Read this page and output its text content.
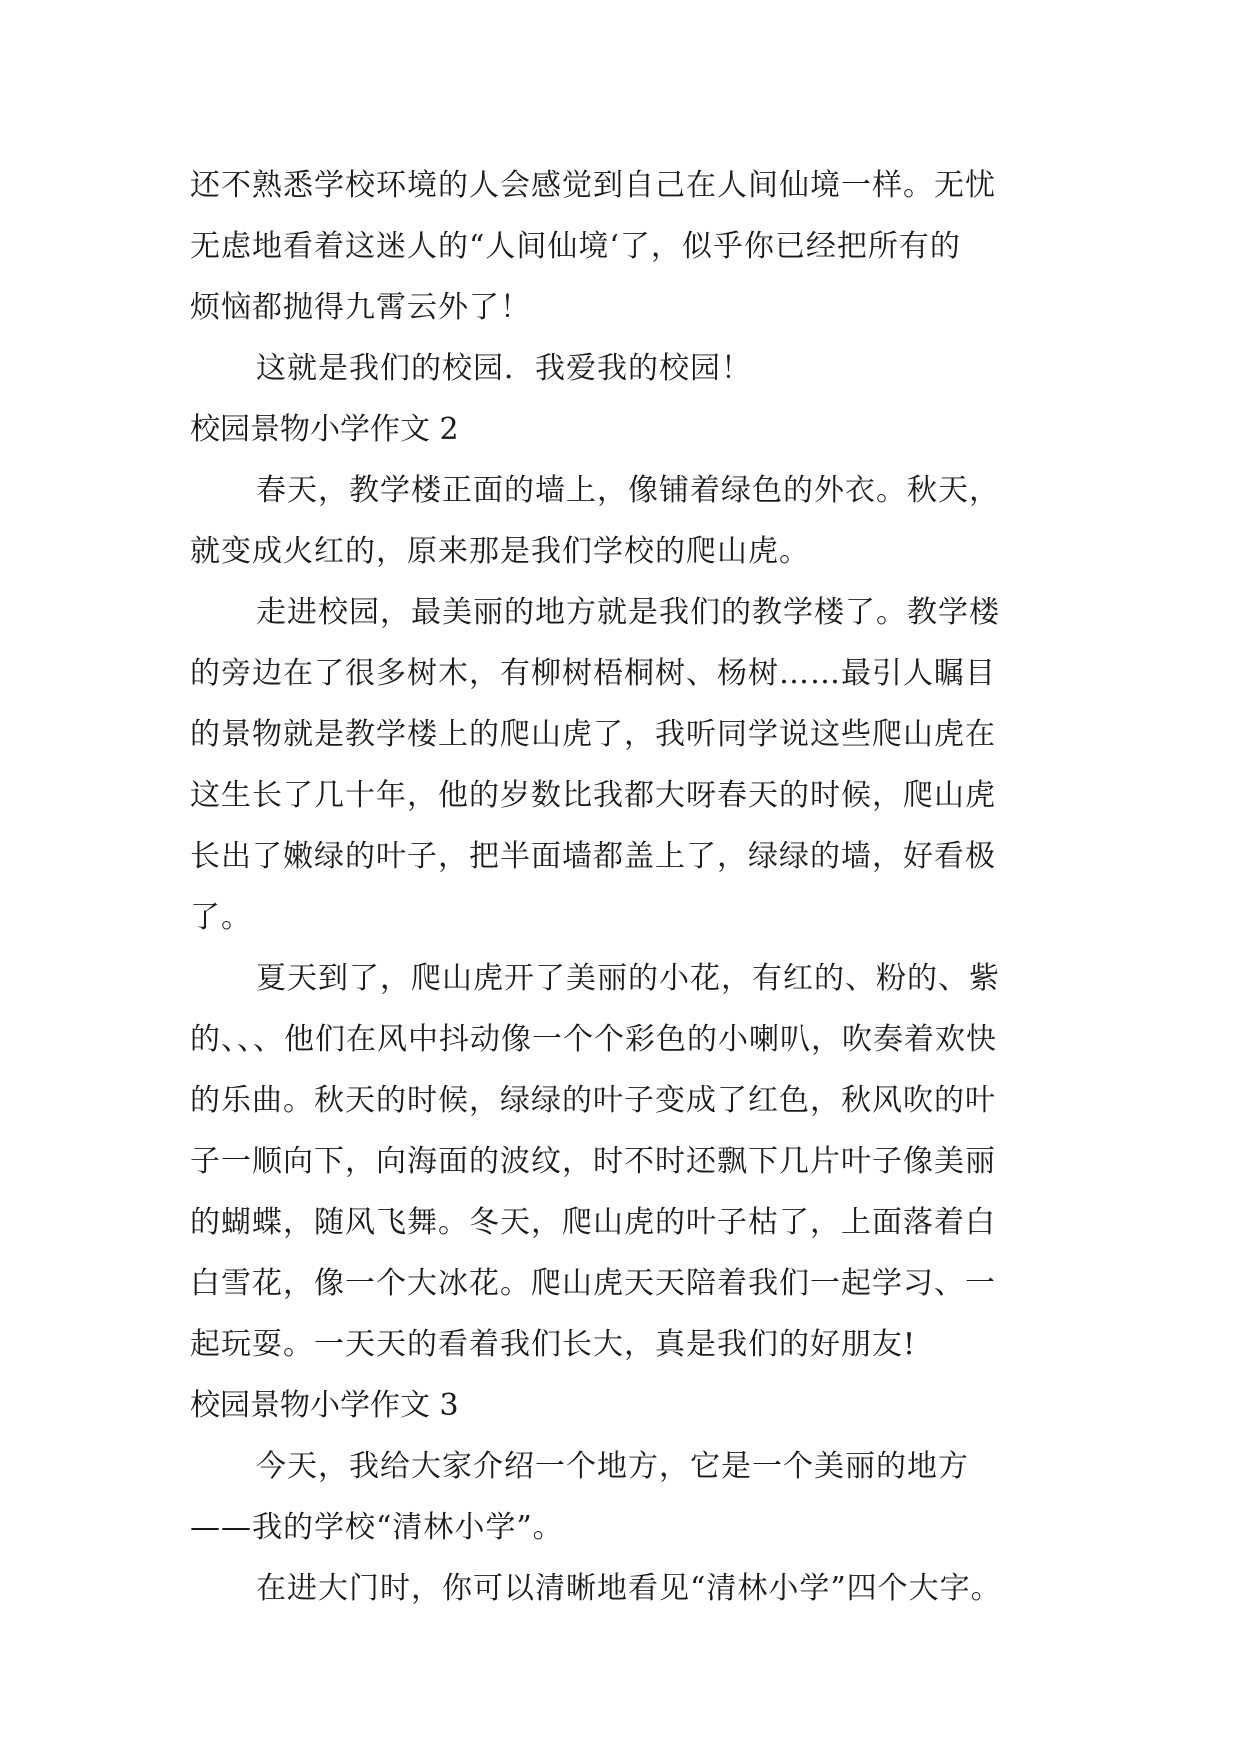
还不熟悉学校环境的人会感觉到自己在人间仙境一样。无忧
无虑地看着这迷人的“人间仙境‘了，似乎你已经把所有的
烦恼都抛得九霄云外了！
这就是我们的校园．我爱我的校园！
校园景物小学作文 2
春天，教学楼正面的墙上，像铺着绿色的外衣。秋天，
就变成火红的，原来那是我们学校的爬山虎。
走进校园，最美丽的地方就是我们的教学楼了。教学楼
的旁边在了很多树木，有柳树梧桐树、杨树……最引人瞩目
的景物就是教学楼上的爬山虎了，我听同学说这些爬山虎在
这生长了几十年，他的岁数比我都大呀春天的时候，爬山虎
长出了嫩绿的叶子，把半面墙都盖上了，绿绿的墙，好看极
了。
夏天到了，爬山虎开了美丽的小花，有红的、粉的、紫
的、、、他们在风中抖动像一个个彩色的小喇叭，吹奏着欢快
的乐曲。秋天的时候，绿绿的叶子变成了红色，秋风吹的叶
子一顺向下，向海面的波纹，时不时还飘下几片叶子像美丽
的蝴蝶，随风飞舞。冬天，爬山虎的叶子枯了，上面落着白
白雪花，像一个大冰花。爬山虎天天陪着我们一起学习、一
起玩耍。一天天的看着我们长大，真是我们的好朋友!
校园景物小学作文 3
今天，我给大家介绍一个地方，它是一个美丽的地方
——我的学校“清林小学”。
在进大门时，你可以清晰地看见“清林小学”四个大字。
